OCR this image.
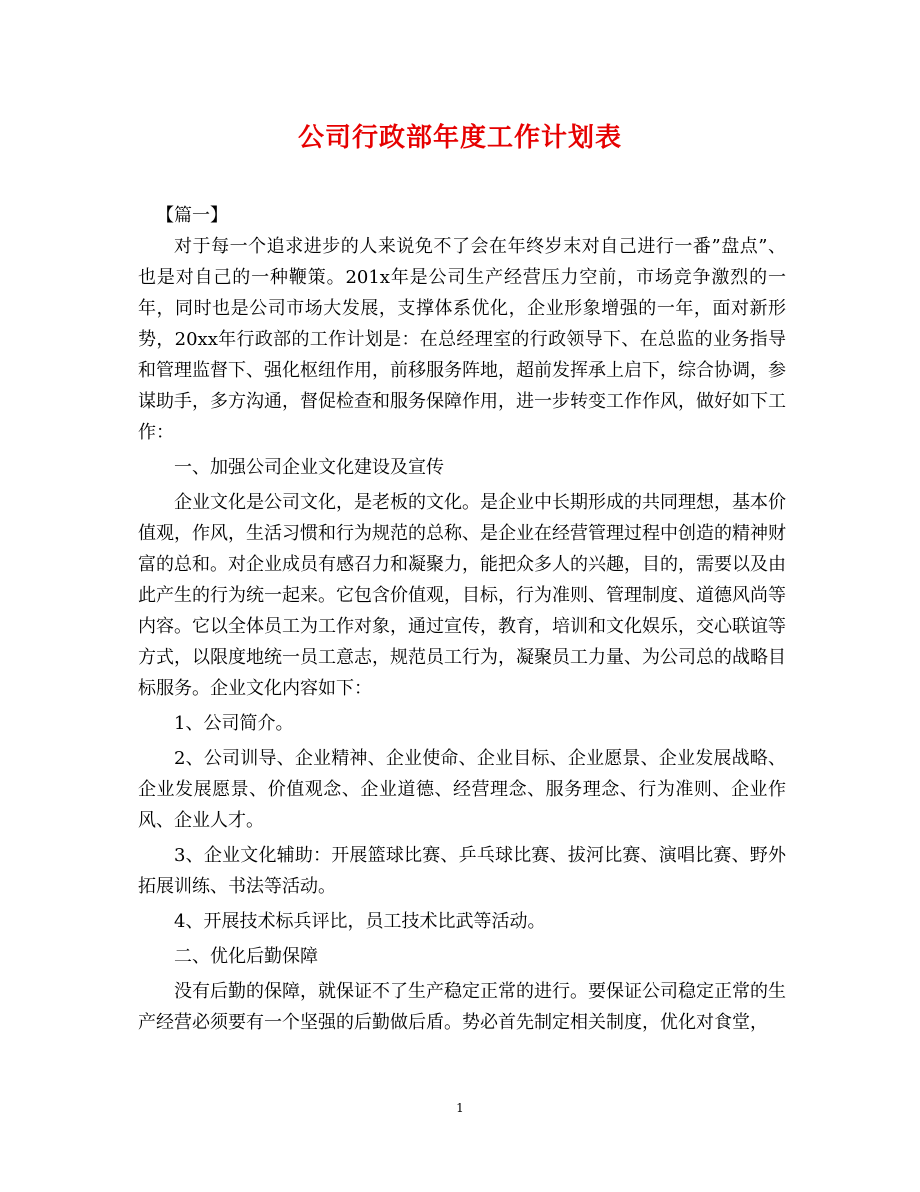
公司行政部年度工作计划表

【篇一】

对于每一个追求进步的人来说免不了会在年终岁末对自己进行一番”盘点”、也是对自己的一种鞭策。201x年是公司生产经营压力空前，市场竞争激烈的一年，同时也是公司市场大发展，支撑体系优化，企业形象增强的一年，面对新形势，20xx年行政部的工作计划是：在总经理室的行政领导下、在总监的业务指导和管理监督下、强化枢纽作用，前移服务阵地，超前发挥承上启下，综合协调，参谋助手，多方沟通，督促检查和服务保障作用，进一步转变工作作风，做好如下工作：

一、加强公司企业文化建设及宣传

企业文化是公司文化，是老板的文化。是企业中长期形成的共同理想，基本价值观，作风，生活习惯和行为规范的总称、是企业在经营管理过程中创造的精神财富的总和。对企业成员有感召力和凝聚力，能把众多人的兴趣，目的，需要以及由此产生的行为统一起来。它包含价值观，目标，行为准则、管理制度、道德风尚等内容。它以全体员工为工作对象，通过宣传，教育，培训和文化娱乐，交心联谊等方式，以限度地统一员工意志，规范员工行为，凝聚员工力量、为公司总的战略目标服务。企业文化内容如下：

1、公司简介。

2、公司训导、企业精神、企业使命、企业目标、企业愿景、企业发展战略、企业发展愿景、价值观念、企业道德、经营理念、服务理念、行为准则、企业作风、企业人才。

3、企业文化辅助：开展篮球比赛、乒乓球比赛、拔河比赛、演唱比赛、野外拓展训练、书法等活动。

4、开展技术标兵评比，员工技术比武等活动。

二、优化后勤保障

没有后勤的保障，就保证不了生产稳定正常的进行。要保证公司稳定正常的生产经营必须要有一个坚强的后勤做后盾。势必首先制定相关制度，优化对食堂，

1
